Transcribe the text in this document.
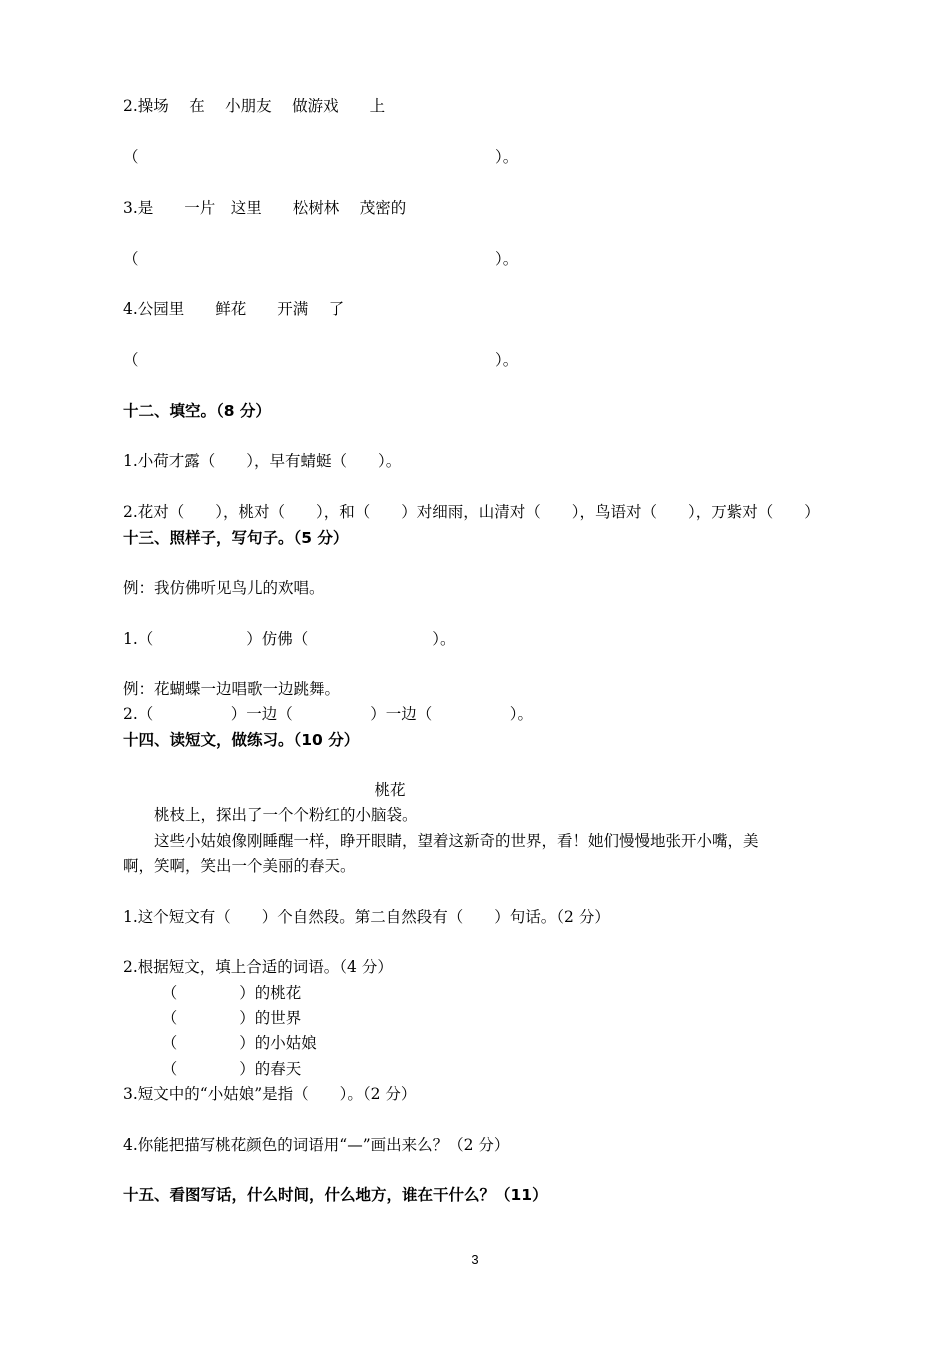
2.操场　 在　 小朋友　 做游戏　　上
（　　　　　　　　　　　　　　　　　　　　　　　）。
3.是　　一片　这里　　松树林　 茂密的
（　　　　　　　　　　　　　　　　　　　　　　　）。
4.公园里　　鲜花　　开满　 了
（　　　　　　　　　　　　　　　　　　　　　　　）。
十二、填空。（8 分）
1.小荷才露（　　），早有蜻蜓（　　）。
2.花对（　　），桃对（　　），和（　　）对细雨，山清对（　　），鸟语对（　　），万紫对（　　）
十三、照样子，写句子。（5 分）
例：我仿佛听见鸟儿的欢唱。
1.（　　　　　　）仿佛（　　　　　　　　）。
例：花蝴蝶一边唱歌一边跳舞。
2.（　　　　　）一边（　　　　　）一边（　　　　　）。
十四、读短文，做练习。（10 分）
桃花
　　桃枝上，探出了一个个粉红的小脑袋。
　　这些小姑娘像刚睡醒一样，睁开眼睛，望着这新奇的世界，看！她们慢慢地张开小嘴，美
啊，笑啊，笑出一个美丽的春天。
1.这个短文有（　　）个自然段。第二自然段有（　　）句话。（2 分）
2.根据短文，填上合适的词语。（4 分）
　　　（　　　　）的桃花
　　　（　　　　）的世界
　　　（　　　　）的小姑娘
　　　（　　　　）的春天
3.短文中的“小姑娘”是指（　　）。（2 分）
4.你能把描写桃花颜色的词语用“—”画出来么？（2 分）
十五、看图写话，什么时间，什么地方，谁在干什么？（11）
3
